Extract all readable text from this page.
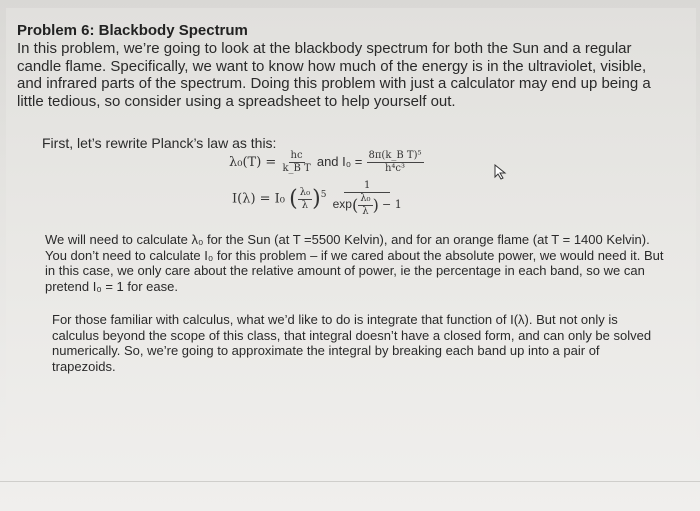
Problem 6: Blackbody Spectrum
In this problem, we’re going to look at the blackbody spectrum for both the Sun and a regular candle flame. Specifically, we want to know how much of the energy is in the ultraviolet, visible, and infrared parts of the spectrum. Doing this problem with just a calculator may end up being a little tedious, so consider using a spreadsheet to help yourself out.
First, let’s rewrite Planck’s law as this:
$\lambda_0(T) = \frac{hc}{\text{k\_B T}}$ and $I_0 = \frac{\text{8π(k\_B T)⁵}}{\text{h⁴c³}}$
I(λ) = I₀ ( $\frac{\text{λ₀}}{\lambda} )^5 \frac{1}{\exp( \frac{\text{λ₀}}{\lambda} ) - 1}$
We will need to calculate λ₀ for the Sun (at T =5500 Kelvin), and for an orange flame (at T = 1400 Kelvin). You don’t need to calculate I₀ for this problem – if we cared about the absolute power, we would need it. But in this case, we only care about the relative amount of power, ie the percentage in each band, so we can pretend I₀ = 1 for ease.
For those familiar with calculus, what we’d like to do is integrate that function of I(λ). But not only is calculus beyond the scope of this class, that integral doesn’t have a closed form, and can only be solved numerically. So, we’re going to approximate the integral by breaking each band up into a pair of trapezoids.
